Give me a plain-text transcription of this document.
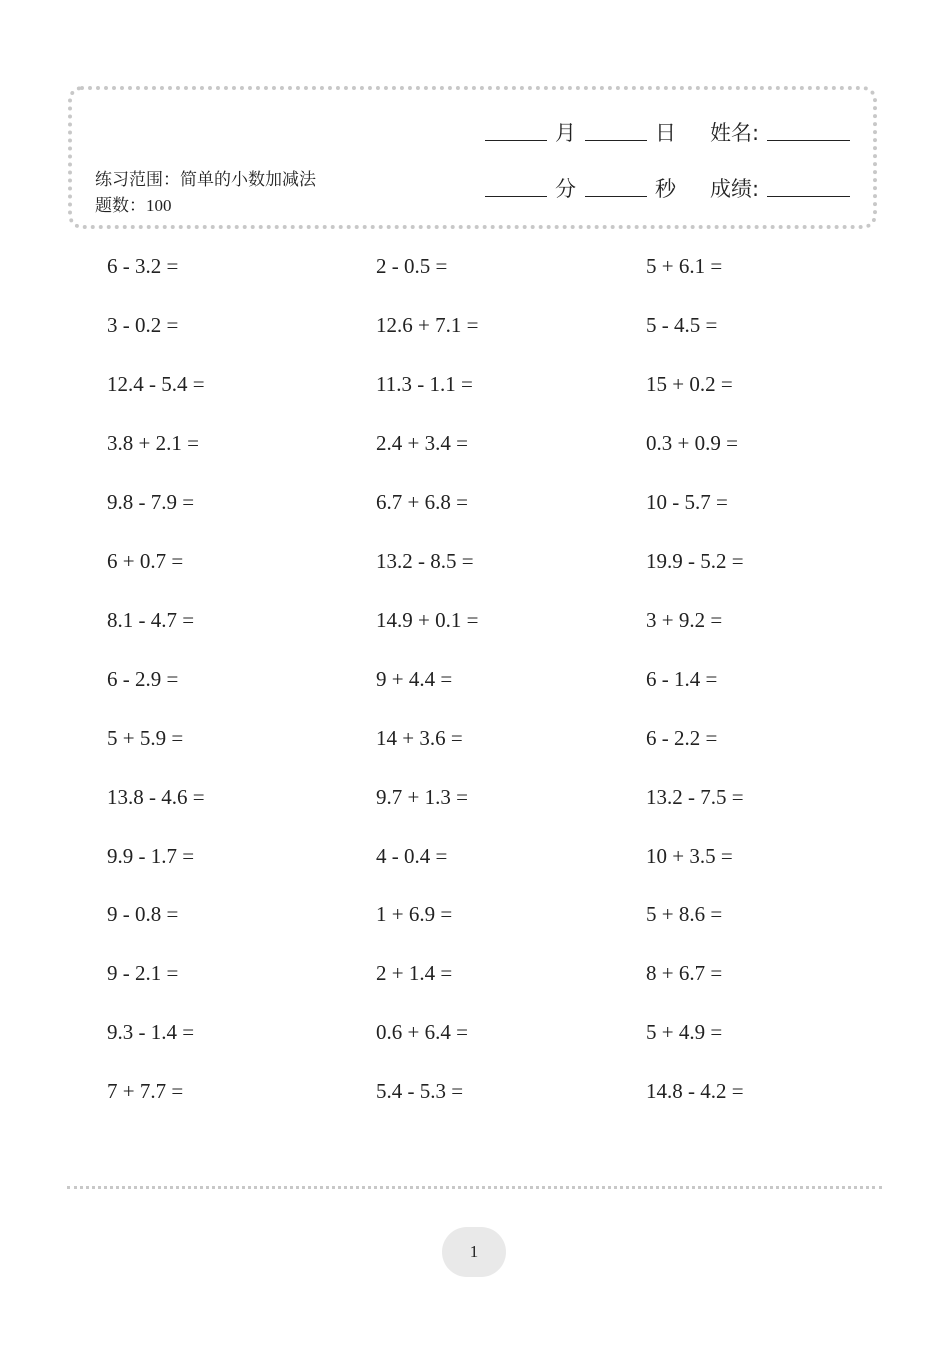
练习范围：简单的小数加减法
题数：100
月	日 姓名:
分	秒 成绩:
6 - 3.2 =	2 - 0.5 =	5 + 6.1 =
3 - 0.2 =	12.6 + 7.1 =	5 - 4.5 =
12.4 - 5.4 =	11.3 - 1.1 =	15 + 0.2 =
3.8 + 2.1 =	2.4 + 3.4 =	0.3 + 0.9 =
9.8 - 7.9 =	6.7 + 6.8 =	10 - 5.7 =
6 + 0.7 =	13.2 - 8.5 =	19.9 - 5.2 =
8.1 - 4.7 =	14.9 + 0.1 =	3 + 9.2 =
6 - 2.9 =	9 + 4.4 =	6 - 1.4 =
5 + 5.9 =	14 + 3.6 =	6 - 2.2 =
13.8 - 4.6 =	9.7 + 1.3 =	13.2 - 7.5 =
9.9 - 1.7 =	4 - 0.4 =	10 + 3.5 =
9 - 0.8 =	1 + 6.9 =	5 + 8.6 =
9 - 2.1 =	2 + 1.4 =	8 + 6.7 =
9.3 - 1.4 =	0.6 + 6.4 =	5 + 4.9 =
7 + 7.7 =	5.4 - 5.3 =	14.8 - 4.2 =
1
